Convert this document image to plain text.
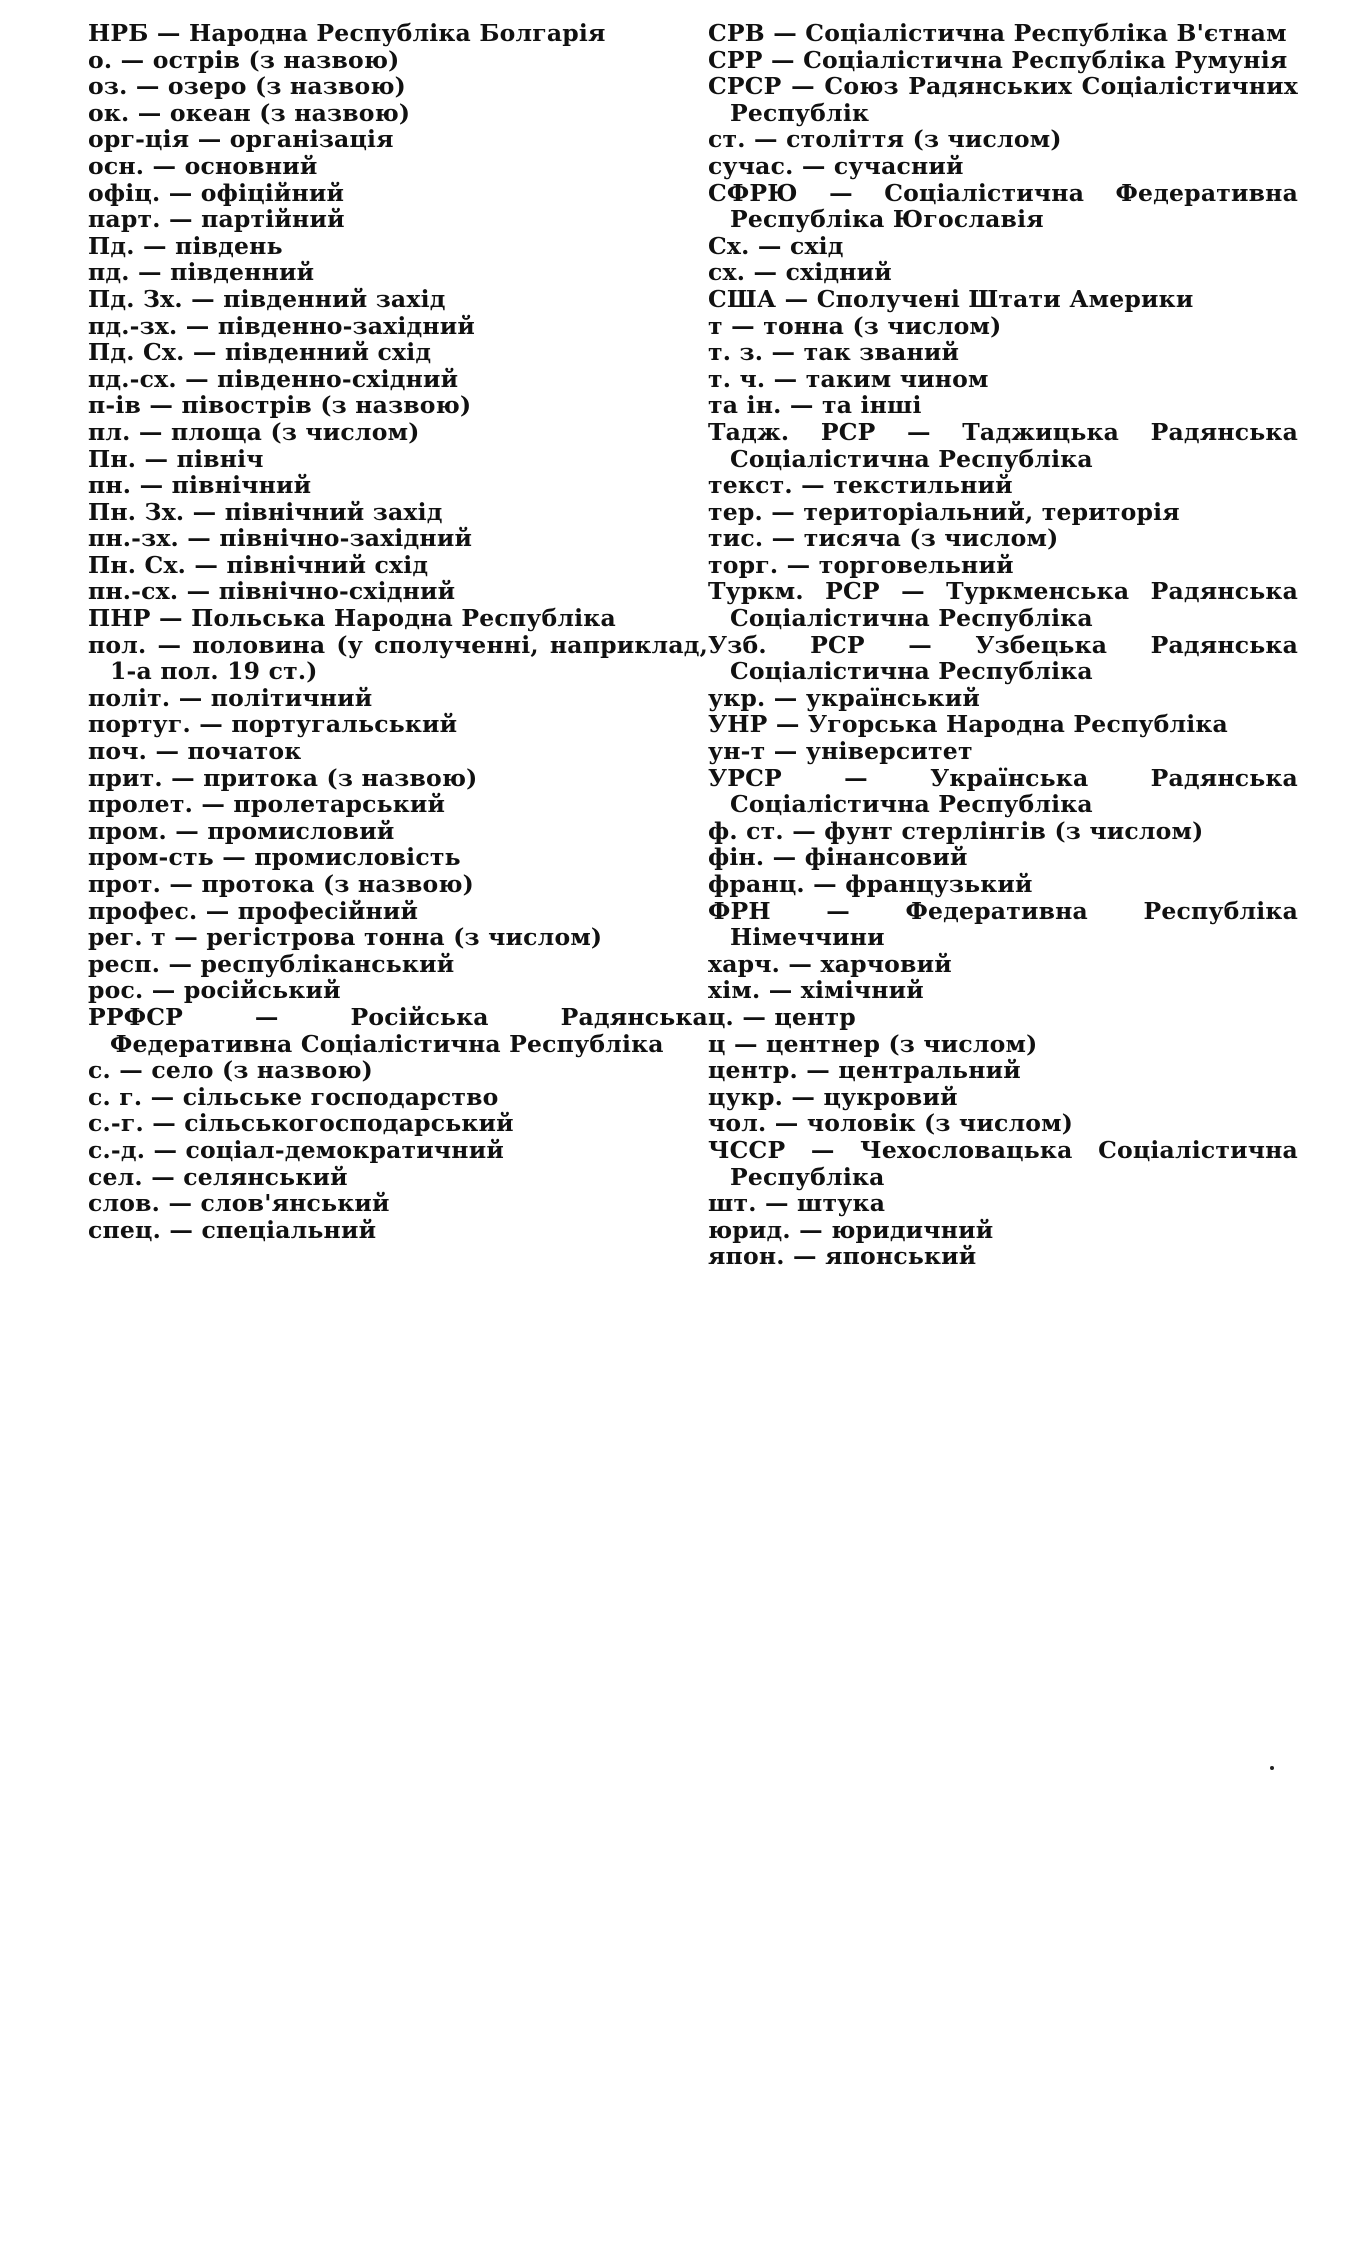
НРБ — Народна Республіка Болгарія

о. — острів (з назвою)

оз. — озеро (з назвою)

ок. — океан (з назвою)

орг-ція — організація

осн. — основний

офіц. — офіційний

парт. — партійний

Пд. — південь

пд. — південний

Пд. Зх. — південний захід

пд.-зх. — південно-західний

Пд. Сх. — південний схід

пд.-сх. — південно-східний

п-ів — півострів (з назвою)

пл. — площа (з числом)

Пн. — північ

пн. — північний

Пн. Зх. — північний захід

пн.-зх. — північно-західний

Пн. Сх. — північний схід

пн.-сх. — північно-східний

ПНР — Польська Народна Республіка

пол. — половина (у сполученні, наприклад, 1-а пол. 19 ст.)

політ. — політичний

португ. — португальський

поч. — початок

прит. — притока (з назвою)

пролет. — пролетарський

пром. — промисловий

пром-сть — промисловість

прот. — протока (з назвою)

профес. — професійний

рег. т — регістрова тонна (з числом)

респ. — республіканський

рос. — російський

РРФСР — Російська Радянська Федеративна Соціалістична Республіка

с. — село (з назвою)

с. г. — сільське господарство

с.-г. — сільськогосподарський

с.-д. — соціал-демократичний

сел. — селянський

слов. — слов'янський

спец. — спеціальний

СРВ — Соціалістична Республіка В'єтнам

СРР — Соціалістична Республіка Румунія

СРСР — Союз Радянських Соціалістичних Республік

ст. — століття (з числом)

сучас. — сучасний

СФРЮ — Соціалістична Федеративна Республіка Югославія

Сх. — схід

сх. — східний

США — Сполучені Штати Америки

т — тонна (з числом)

т. з. — так званий

т. ч. — таким чином

та ін. — та інші

Тадж. РСР — Таджицька Радянська Соціалістична Республіка

текст. — текстильний

тер. — територіальний, територія

тис. — тисяча (з числом)

торг. — торговельний

Туркм. РСР — Туркменська Радянська Соціалістична Республіка

Узб. РСР — Узбецька Радянська Соціалістична Республіка

укр. — український

УНР — Угорська Народна Республіка

ун-т — університет

УРСР — Українська Радянська Соціалістична Республіка

ф. ст. — фунт стерлінгів (з числом)

фін. — фінансовий

франц. — французький

ФРН — Федеративна Республіка Німеччини

харч. — харчовий

хім. — хімічний

ц. — центр

ц — центнер (з числом)

центр. — центральний

цукр. — цукровий

чол. — чоловік (з числом)

ЧССР — Чехословацька Соціалістична Республіка

шт. — штука

юрид. — юридичний

япон. — японський
